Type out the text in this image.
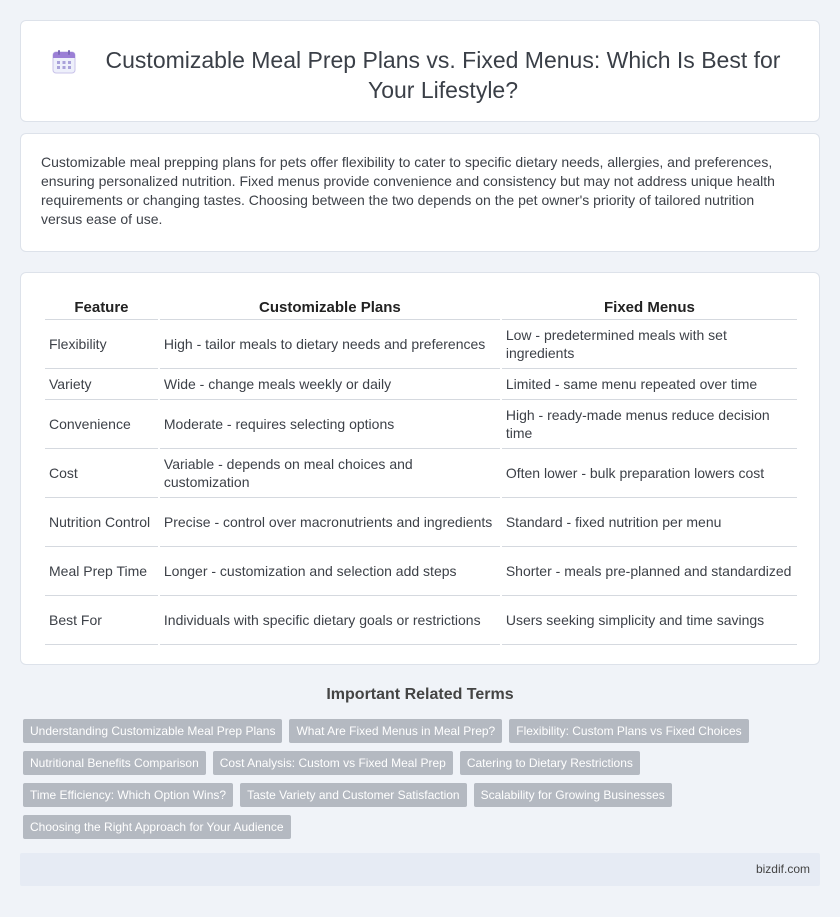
Customizable Meal Prep Plans vs. Fixed Menus: Which Is Best for Your Lifestyle?

Customizable meal prepping plans for pets offer flexibility to cater to specific dietary needs, allergies, and preferences, ensuring personalized nutrition. Fixed menus provide convenience and consistency but may not address unique health requirements or changing tastes. Choosing between the two depends on the pet owner's priority of tailored nutrition versus ease of use.

Feature	Customizable Plans	Fixed Menus
Flexibility	High - tailor meals to dietary needs and preferences	Low - predetermined meals with set ingredients
Variety	Wide - change meals weekly or daily	Limited - same menu repeated over time
Convenience	Moderate - requires selecting options	High - ready-made menus reduce decision time
Cost	Variable - depends on meal choices and customization	Often lower - bulk preparation lowers cost
Nutrition Control	Precise - control over macronutrients and ingredients	Standard - fixed nutrition per menu
Meal Prep Time	Longer - customization and selection add steps	Shorter - meals pre-planned and standardized
Best For	Individuals with specific dietary goals or restrictions	Users seeking simplicity and time savings
Important Related Terms
Understanding Customizable Meal Prep Plans	What Are Fixed Menus in Meal Prep?	Flexibility: Custom Plans vs Fixed Choices
Nutritional Benefits Comparison	Cost Analysis: Custom vs Fixed Meal Prep	Catering to Dietary Restrictions
Time Efficiency: Which Option Wins?	Taste Variety and Customer Satisfaction	Scalability for Growing Businesses
Choosing the Right Approach for Your Audience
bizdif.com
